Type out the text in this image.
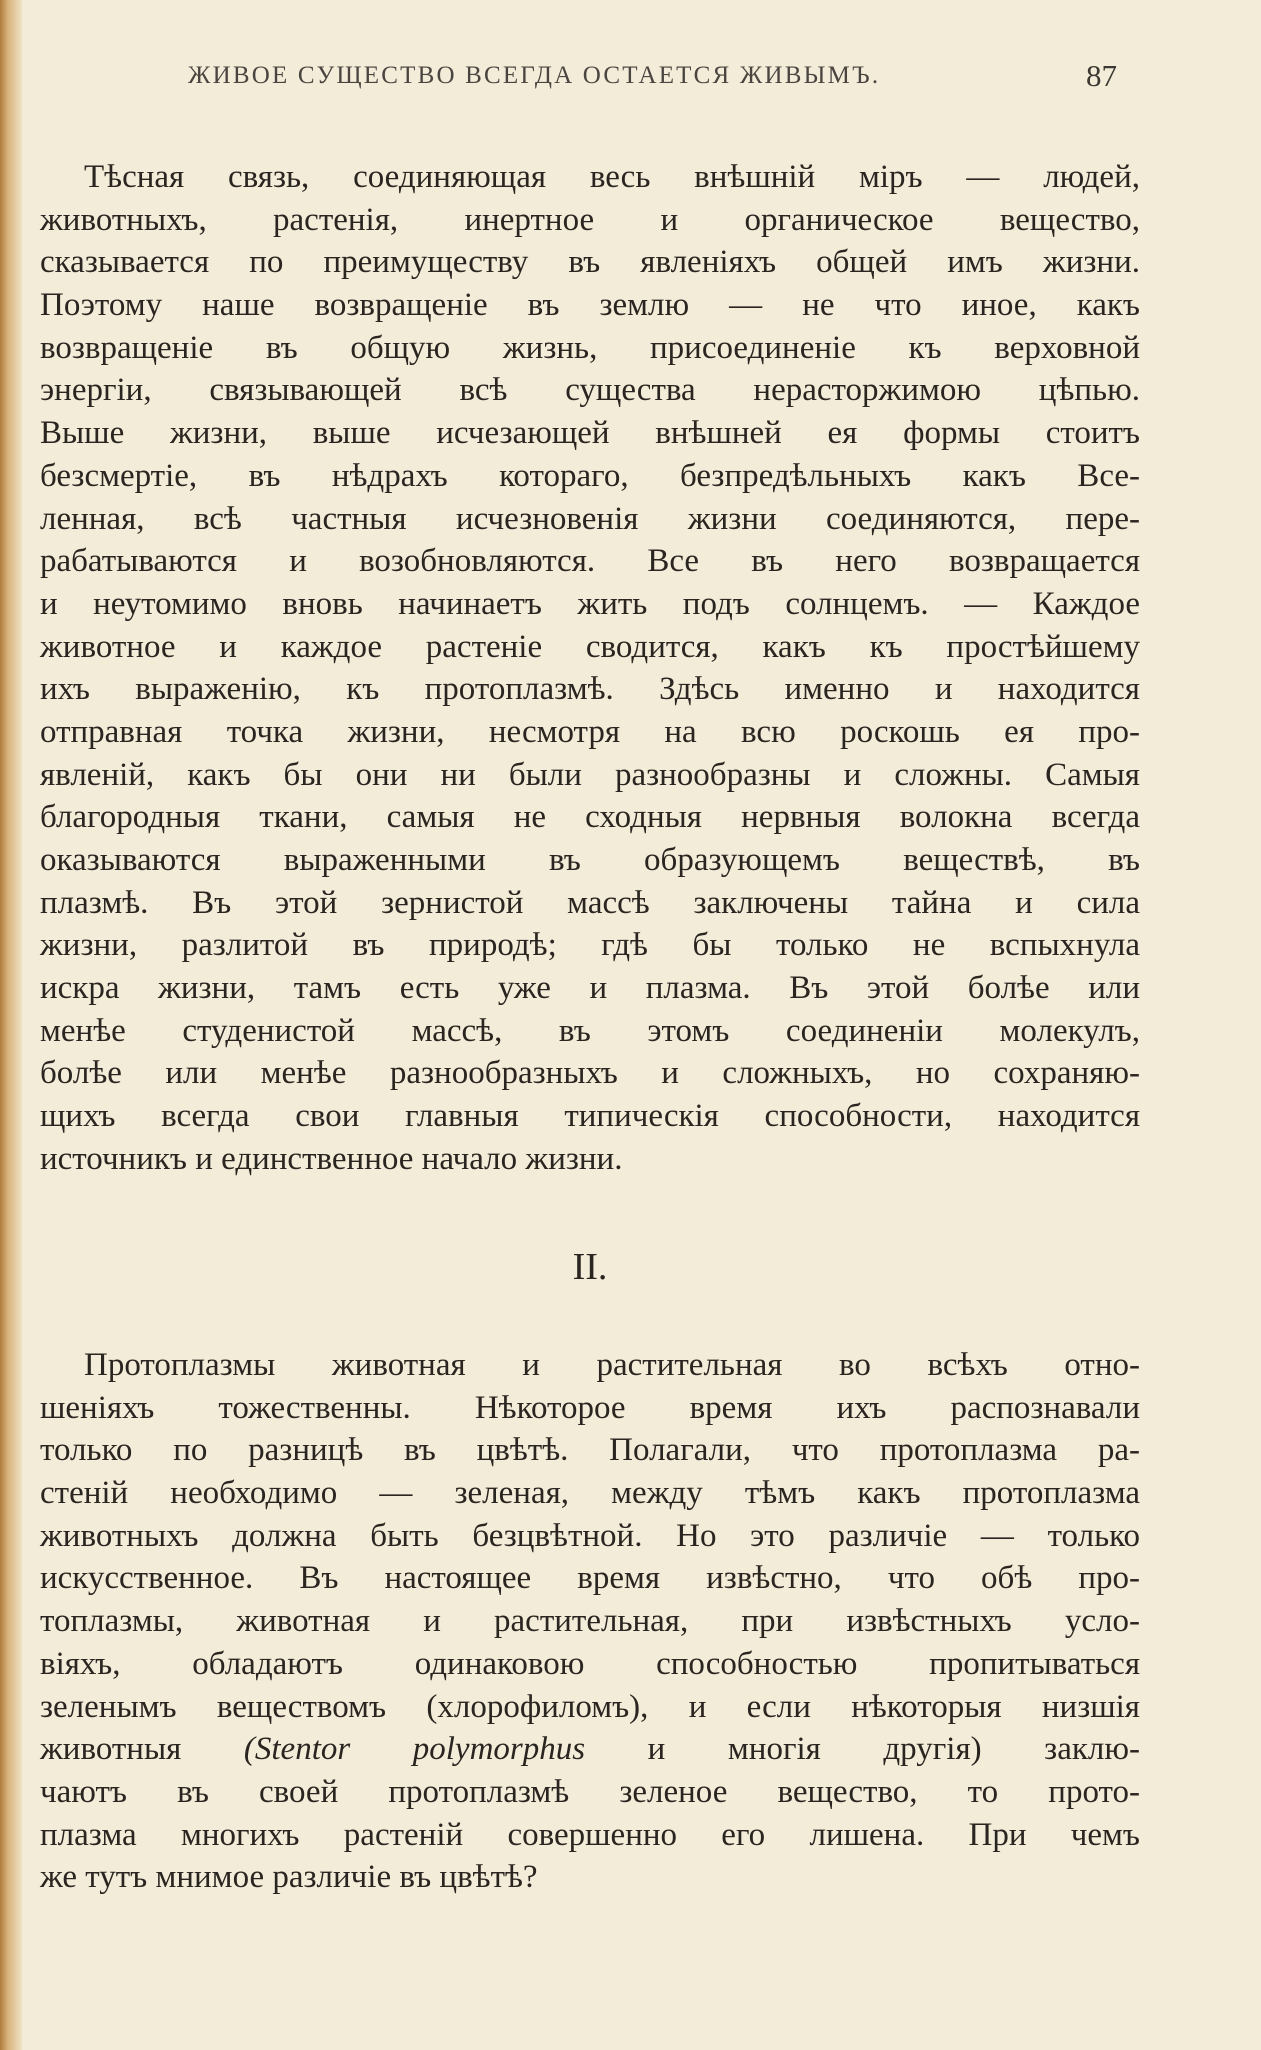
ЖИВОЕ СУЩЕСТВО ВСЕГДА ОСТАЕТСЯ ЖИВЫМЪ.	87
Тѣсная связь, соединяющая весь внѣшній міръ — людей,
животныхъ, растенія, инертное и органическое вещество,
сказывается по преимуществу въ явленіяхъ общей имъ жизни.
Поэтому наше возвращеніе въ землю — не что иное, какъ
возвращеніе въ общую жизнь, присоединеніе къ верховной
энергіи, связывающей всѣ существа нерасторжимою цѣпью.
Выше жизни, выше исчезающей внѣшней ея формы стоитъ
безсмертіе, въ нѣдрахъ котораго, безпредѣльныхъ какъ Все-
ленная, всѣ частныя исчезновенія жизни соединяются, пере-
рабатываются и возобновляются. Все въ него возвращается
и неутомимо вновь начинаетъ жить подъ солнцемъ. — Каждое
животное и каждое растеніе сводится, какъ къ простѣйшему
ихъ выраженію, къ протоплазмѣ. Здѣсь именно и находится
отправная точка жизни, несмотря на всю роскошь ея про-
явленій, какъ бы они ни были разнообразны и сложны. Самыя
благородныя ткани, самыя не сходныя нервныя волокна всегда
оказываются выраженными въ образующемъ веществѣ, въ
плазмѣ. Въ этой зернистой массѣ заключены тайна и сила
жизни, разлитой въ природѣ; гдѣ бы только не вспыхнула
искра жизни, тамъ есть уже и плазма. Въ этой болѣе или
менѣе студенистой массѣ, въ этомъ соединеніи молекулъ,
болѣе или менѣе разнообразныхъ и сложныхъ, но сохраняю-
щихъ всегда свои главныя типическія способности, находится
источникъ и единственное начало жизни.
II.
Протоплазмы животная и растительная во всѣхъ отно-
шеніяхъ тожественны. Нѣкоторое время ихъ распознавали
только по разницѣ въ цвѣтѣ. Полагали, что протоплазма ра-
стеній необходимо — зеленая, между тѣмъ какъ протоплазма
животныхъ должна быть безцвѣтной. Но это различіе — только
искусственное. Въ настоящее время извѣстно, что обѣ про-
топлазмы, животная и растительная, при извѣстныхъ усло-
віяхъ, обладаютъ одинаковою способностью пропитываться
зеленымъ веществомъ (хлорофиломъ), и если нѣкоторыя низшія
животныя (Stentor polymorphus и многія другія) заклю-
чаютъ въ своей протоплазмѣ зеленое вещество, то прото-
плазма многихъ растеній совершенно его лишена. При чемъ
же тутъ мнимое различіе въ цвѣтѣ?
